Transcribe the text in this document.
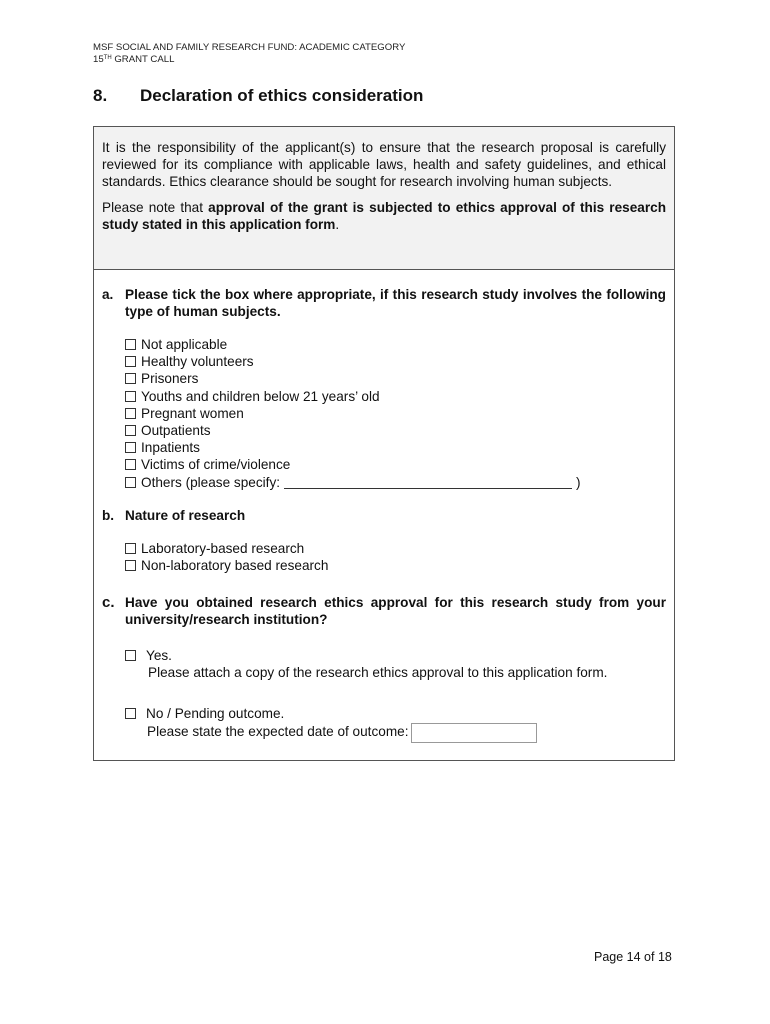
MSF SOCIAL AND FAMILY RESEARCH FUND: ACADEMIC CATEGORY
15TH GRANT CALL
8. Declaration of ethics consideration

It is the responsibility of the applicant(s) to ensure that the research proposal is carefully reviewed for its compliance with applicable laws, health and safety guidelines, and ethical standards. Ethics clearance should be sought for research involving human subjects.

Please note that approval of the grant is subjected to ethics approval of this research study stated in this application form.

a. Please tick the box where appropriate, if this research study involves the following type of human subjects.
Not applicable
Healthy volunteers
Prisoners
Youths and children below 21 years’ old
Pregnant women
Outpatients
Inpatients
Victims of crime/violence
Others (please specify:	)
b. Nature of research
Laboratory-based research
Non-laboratory based research
c. Have you obtained research ethics approval for this research study from your university/research institution?
Yes.
Please attach a copy of the research ethics approval to this application form.
No / Pending outcome.
Please state the expected date of outcome:
Page 14 of 18
